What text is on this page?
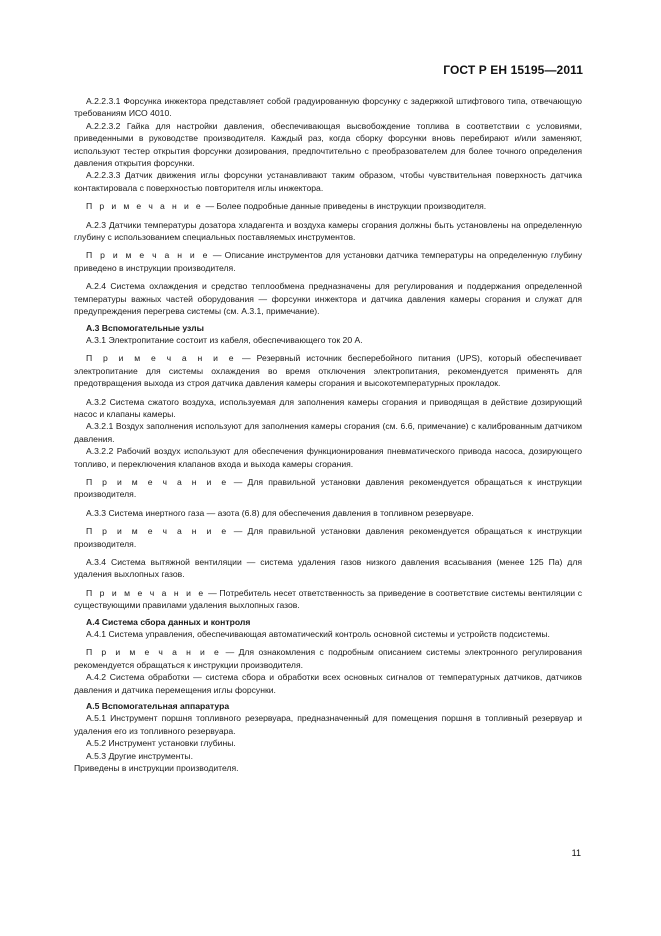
ГОСТ Р ЕН 15195—2011

А.2.2.3.1 Форсунка инжектора представляет собой градуированную форсунку с задержкой штифтового типа, отвечающую требованиям ИСО 4010.

А.2.2.3.2 Гайка для настройки давления, обеспечивающая высвобождение топлива в соответствии с условиями, приведенными в руководстве производителя. Каждый раз, когда сборку форсунки вновь перебирают и/или заменяют, используют тестер открытия форсунки дозирования, предпочтительно с преобразователем для более точного определения давления открытия форсунки.

А.2.2.3.3 Датчик движения иглы форсунки устанавливают таким образом, чтобы чувствительная поверхность датчика контактировала с поверхностью повторителя иглы инжектора.

П р и м е ч а н и е — Более подробные данные приведены в инструкции производителя.

А.2.3 Датчики температуры дозатора хладагента и воздуха камеры сгорания должны быть установлены на определенную глубину с использованием специальных поставляемых инструментов.

П р и м е ч а н и е — Описание инструментов для установки датчика температуры на определенную глубину приведено в инструкции производителя.

А.2.4 Система охлаждения и средство теплообмена предназначены для регулирования и поддержания определенной температуры важных частей оборудования — форсунки инжектора и датчика давления камеры сгорания и служат для предупреждения перегрева системы (см. А.3.1, примечание).

А.3 Вспомогательные узлы

А.3.1 Электропитание состоит из кабеля, обеспечивающего ток 20 А.

П р и м е ч а н и е — Резервный источник бесперебойного питания (UPS), который обеспечивает электропитание для системы охлаждения во время отключения электропитания, рекомендуется применять для предотвращения выхода из строя датчика давления камеры сгорания и высокотемпературных прокладок.

А.3.2 Система сжатого воздуха, используемая для заполнения камеры сгорания и приводящая в действие дозирующий насос и клапаны камеры.

А.3.2.1 Воздух заполнения используют для заполнения камеры сгорания (см. 6.6, примечание) с калиброванным датчиком давления.

А.3.2.2 Рабочий воздух используют для обеспечения функционирования пневматического привода насоса, дозирующего топливо, и переключения клапанов входа и выхода камеры сгорания.

П р и м е ч а н и е — Для правильной установки давления рекомендуется обращаться к инструкции производителя.

А.3.3 Система инертного газа — азота (6.8) для обеспечения давления в топливном резервуаре.

П р и м е ч а н и е — Для правильной установки давления рекомендуется обращаться к инструкции производителя.

А.3.4 Система вытяжной вентиляции — система удаления газов низкого давления всасывания (менее 125 Па) для удаления выхлопных газов.

П р и м е ч а н и е — Потребитель несет ответственность за приведение в соответствие системы вентиляции с существующими правилами удаления выхлопных газов.

А.4 Система сбора данных и контроля

А.4.1 Система управления, обеспечивающая автоматический контроль основной системы и устройств подсистемы.

П р и м е ч а н и е — Для ознакомления с подробным описанием системы электронного регулирования рекомендуется обращаться к инструкции производителя.

А.4.2 Система обработки — система сбора и обработки всех основных сигналов от температурных датчиков, датчиков давления и датчика перемещения иглы форсунки.

А.5 Вспомогательная аппаратура

А.5.1 Инструмент поршня топливного резервуара, предназначенный для помещения поршня в топливный резервуар и удаления его из топливного резервуара.

А.5.2 Инструмент установки глубины.

А.5.3 Другие инструменты.

Приведены в инструкции производителя.

11
